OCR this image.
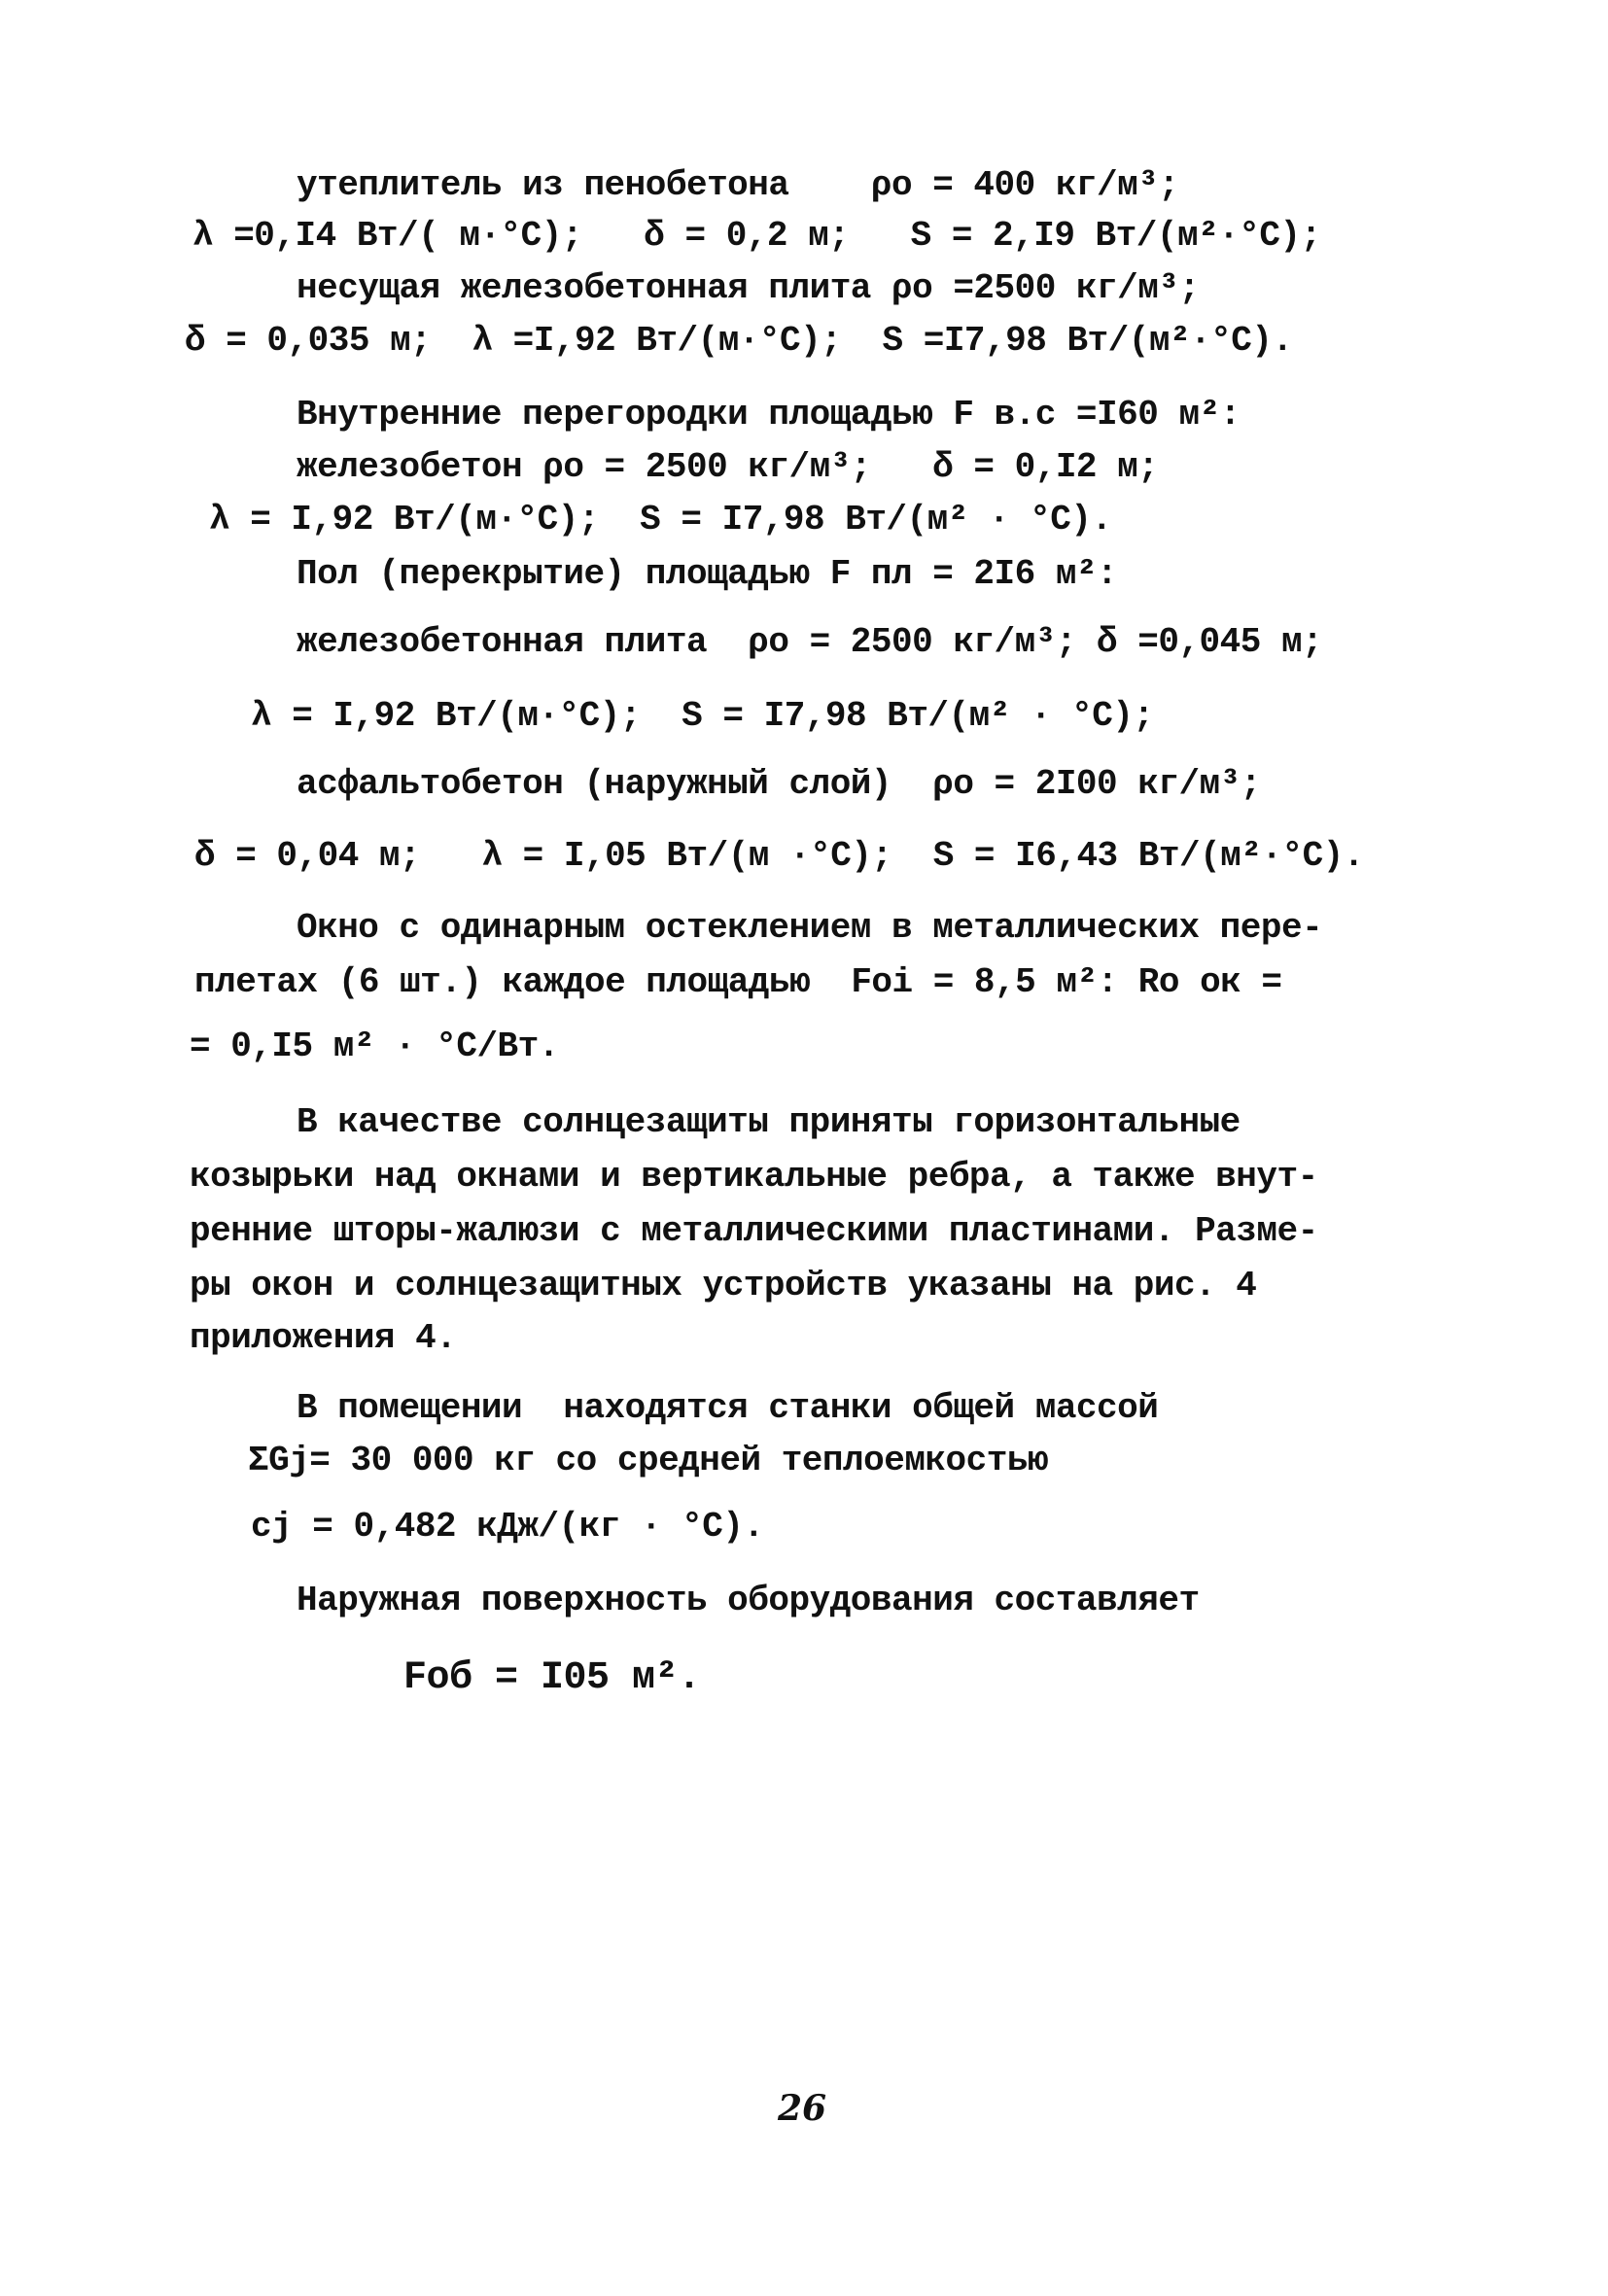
утеплитель из пенобетона    ρо = 400 кг/м³;
λ =0,I4 Вт/( м·°С);   δ = 0,2 м;   S = 2,I9 Вт/(м²·°С);
несущая железобетонная плита ρо =2500 кг/м³;
δ = 0,035 м;  λ =I,92 Вт/(м·°С);  S =I7,98 Вт/(м²·°С).
Внутренние перегородки площадью F в.с =I60 м²:
железобетон ρо = 2500 кг/м³;   δ = 0,I2 м;
λ = I,92 Вт/(м·°С);  S = I7,98 Вт/(м² · °С).
Пол (перекрытие) площадью F пл = 2I6 м²:
железобетонная плита  ρо = 2500 кг/м³; δ =0,045 м;
λ = I,92 Вт/(м·°С);  S = I7,98 Вт/(м² · °С);
асфальтобетон (наружный слой)  ρо = 2I00 кг/м³;
δ = 0,04 м;   λ = I,05 Вт/(м ·°С);  S = I6,43 Вт/(м²·°С).
Окно с одинарным остеклением в металлических пере-
плетах (6 шт.) каждое площадью  Fоi = 8,5 м²: Rо ок =
= 0,I5 м² · °С/Вт.
В качестве солнцезащиты приняты горизонтальные
козырьки над окнами и вертикальные ребра, а также внут-
ренние шторы-жалюзи с металлическими пластинами. Разме-
ры окон и солнцезащитных устройств указаны на рис. 4
приложения 4.
В помещении  находятся станки общей массой
ΣGj= 30 000 кг со средней теплоемкостью
cj = 0,482 кДж/(кг · °С).
Наружная поверхность оборудования составляет
Fоб = I05 м².
26
